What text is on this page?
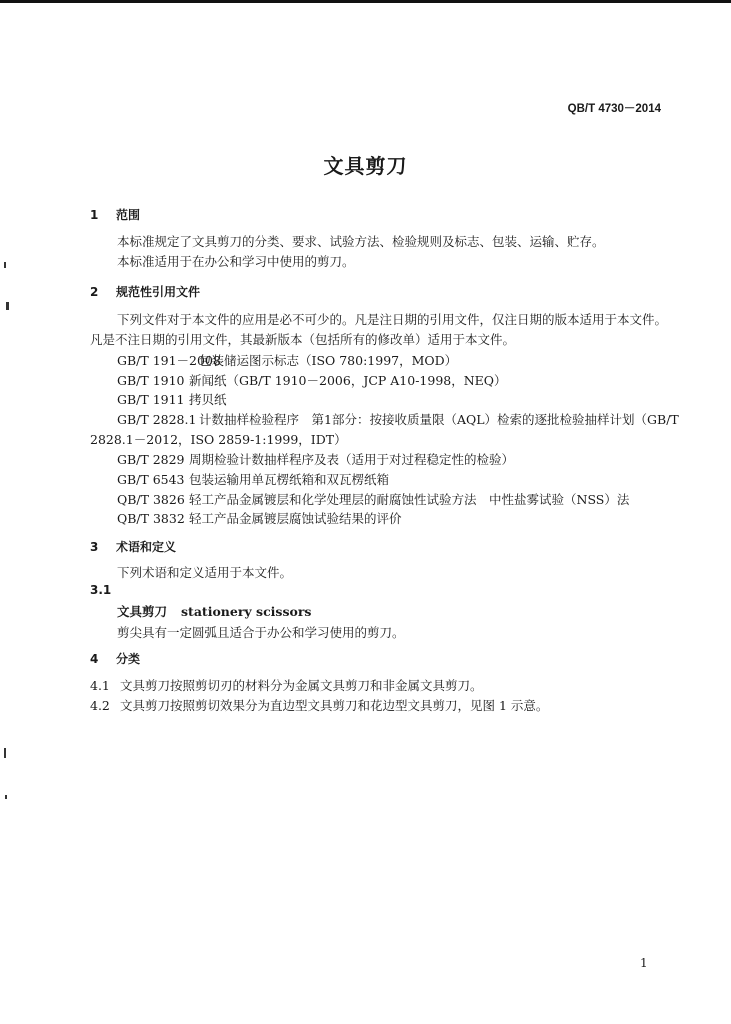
QB/T 4730－2014
文具剪刀
1 范围
本标准规定了文具剪刀的分类、要求、试验方法、检验规则及标志、包装、运输、贮存。
本标准适用于在办公和学习中使用的剪刀。
2 规范性引用文件
下列文件对于本文件的应用是必不可少的。凡是注日期的引用文件，仅注日期的版本适用于本文件。
凡是不注日期的引用文件，其最新版本（包括所有的修改单）适用于本文件。
GB/T 191－2008包装储运图示标志（ISO 780:1997，MOD）
GB/T 1910 新闻纸（GB/T 1910－2006，JCP A10-1998，NEQ）
GB/T 1911 拷贝纸
GB/T 2828.1 计数抽样检验程序　第1部分：按接收质量限（AQL）检索的逐批检验抽样计划（GB/T
2828.1－2012，ISO 2859-1:1999，IDT）
GB/T 2829 周期检验计数抽样程序及表（适用于对过程稳定性的检验）
GB/T 6543 包装运输用单瓦楞纸箱和双瓦楞纸箱
QB/T 3826 轻工产品金属镀层和化学处理层的耐腐蚀性试验方法　中性盐雾试验（NSS）法
QB/T 3832 轻工产品金属镀层腐蚀试验结果的评价
3 术语和定义
下列术语和定义适用于本文件。
3.1
文具剪刀 stationery scissors
剪尖具有一定圆弧且适合于办公和学习使用的剪刀。
4 分类
4.1 文具剪刀按照剪切刃的材料分为金属文具剪刀和非金属文具剪刀。
4.2 文具剪刀按照剪切效果分为直边型文具剪刀和花边型文具剪刀，见图 1 示意。
1
